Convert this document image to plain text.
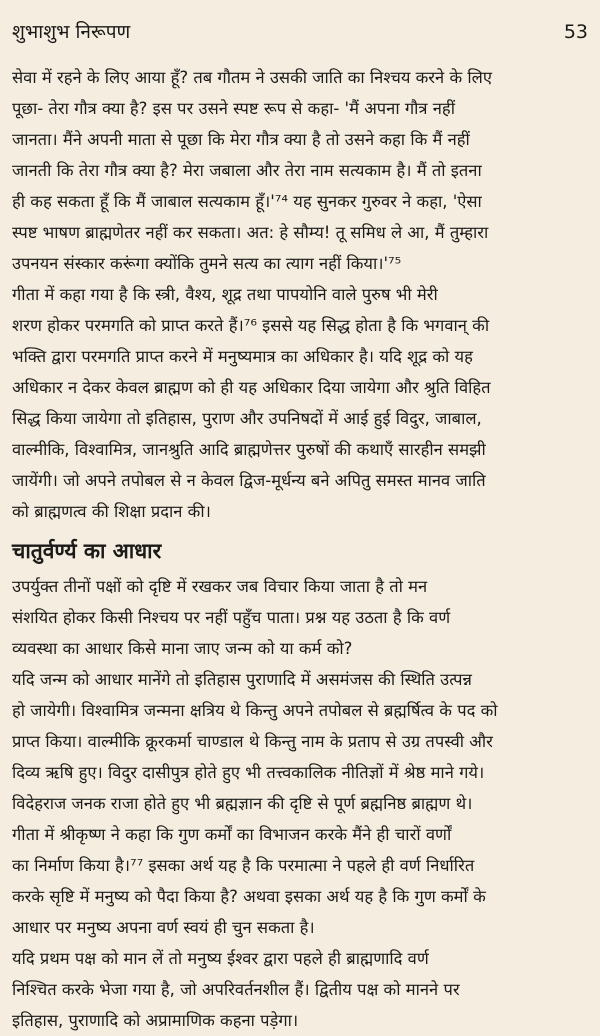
शुभाशुभ निरूपण	53

सेवा में रहने के लिए आया हूँ? तब गौतम ने उसकी जाति का निश्चय करने के लिए
पूछा- तेरा गौत्र क्या है? इस पर उसने स्पष्ट रूप से कहा- 'मैं अपना गौत्र नहीं
जानता। मैंने अपनी माता से पूछा कि मेरा गौत्र क्या है तो उसने कहा कि मैं नहीं
जानती कि तेरा गौत्र क्या है? मेरा जबाला और तेरा नाम सत्यकाम है। मैं तो इतना
ही कह सकता हूँ कि मैं जाबाल सत्यकाम हूँ।'⁷⁴ यह सुनकर गुरुवर ने कहा, 'ऐसा
स्पष्ट भाषण ब्राह्मणेतर नहीं कर सकता। अत: हे सौम्य! तू समिध ले आ, मैं तुम्हारा
उपनयन संस्कार करूंगा क्योंकि तुमने सत्य का त्याग नहीं किया।'⁷⁵

गीता में कहा गया है कि स्त्री, वैश्य, शूद्र तथा पापयोनि वाले पुरुष भी मेरी
शरण होकर परमगति को प्राप्त करते हैं।⁷⁶ इससे यह सिद्ध होता है कि भगवान् की
भक्ति द्वारा परमगति प्राप्त करने में मनुष्यमात्र का अधिकार है। यदि शूद्र को यह
अधिकार न देकर केवल ब्राह्मण को ही यह अधिकार दिया जायेगा और श्रुति विहित
सिद्ध किया जायेगा तो इतिहास, पुराण और उपनिषदों में आई हुई विदुर, जाबाल,
वाल्मीकि, विश्वामित्र, जानश्रुति आदि ब्राह्मणेत्तर पुरुषों की कथाएँ सारहीन समझी
जायेंगी। जो अपने तपोबल से न केवल द्विज-मूर्धन्य बने अपितु समस्त मानव जाति
को ब्राह्मणत्व की शिक्षा प्रदान की।

चातुर्वर्ण्य का आधार

उपर्युक्त तीनों पक्षों को दृष्टि में रखकर जब विचार किया जाता है तो मन
संशयित होकर किसी निश्चय पर नहीं पहुँच पाता। प्रश्न यह उठता है कि वर्ण
व्यवस्था का आधार किसे माना जाए जन्म को या कर्म को?

यदि जन्म को आधार मानेंगे तो इतिहास पुराणादि में असमंजस की स्थिति उत्पन्न
हो जायेगी। विश्वामित्र जन्मना क्षत्रिय थे किन्तु अपने तपोबल से ब्रह्मर्षित्व के पद को
प्राप्त किया। वाल्मीकि क्रूरकर्मा चाण्डाल थे किन्तु नाम के प्रताप से उग्र तपस्वी और
दिव्य ऋषि हुए। विदुर दासीपुत्र होते हुए भी तत्त्वकालिक नीतिज्ञों में श्रेष्ठ माने गये।
विदेहराज जनक राजा होते हुए भी ब्रह्मज्ञान की दृष्टि से पूर्ण ब्रह्मनिष्ठ ब्राह्मण थे।

गीता में श्रीकृष्ण ने कहा कि गुण कर्मों का विभाजन करके मैंने ही चारों वर्णों
का निर्माण किया है।⁷⁷ इसका अर्थ यह है कि परमात्मा ने पहले ही वर्ण निर्धारित
करके सृष्टि में मनुष्य को पैदा किया है? अथवा इसका अर्थ यह है कि गुण कर्मों के
आधार पर मनुष्य अपना वर्ण स्वयं ही चुन सकता है।

यदि प्रथम पक्ष को मान लें तो मनुष्य ईश्वर द्वारा पहले ही ब्राह्मणादि वर्ण
निश्चित करके भेजा गया है, जो अपरिवर्तनशील हैं। द्वितीय पक्ष को मानने पर
इतिहास, पुराणादि को अप्रामाणिक कहना पड़ेगा।
